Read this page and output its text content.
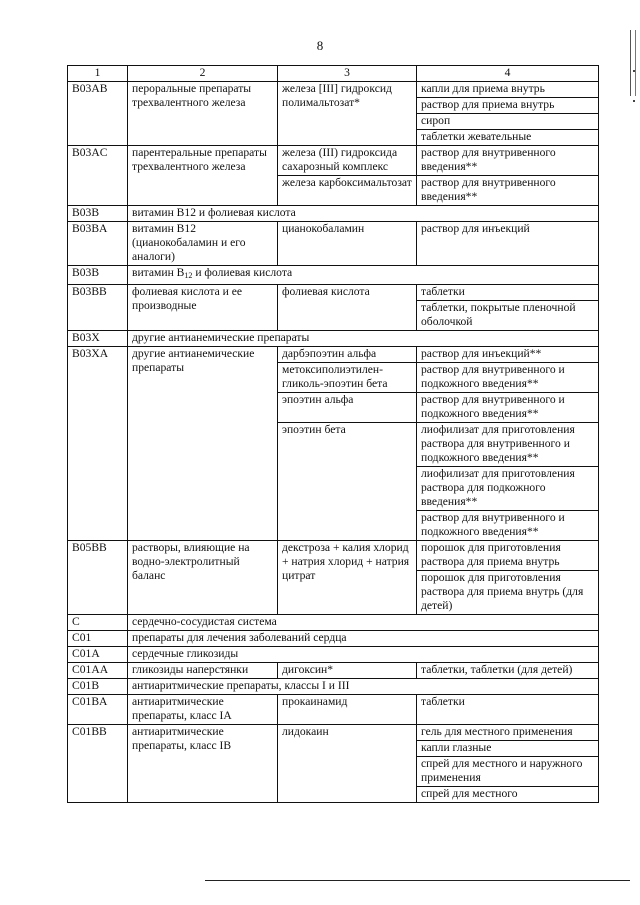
8
1	2	3	4
B03AB	пероральные препараты трехвалентного железа	железа [III] гидроксид полимальтозат*	капли для приема внутрь
			раствор для приема внутрь
			сироп
			таблетки жевательные
B03AC	парентеральные препараты трехвалентного железа	железа (III) гидроксида сахарозный комплекс	раствор для внутривенного введения**
		железа карбоксимальтозат	раствор для внутривенного введения**
B03B	витамин B12 и фолиевая кислота		
B03BA	витамин B12 (цианокобаламин и его аналоги)	цианокобаламин	раствор для инъекций
B03B	витамин $B_{12}$ и фолиевая кислота		
B03BB	фолиевая кислота и ее производные	фолиевая кислота	таблетки
			таблетки, покрытые пленочной оболочкой
B03X	другие антианемические препараты		
B03XA	другие антианемические препараты	дарбэпоэтин альфа	раствор для инъекций**
		метоксиполиэтилен-гликоль-эпоэтин бета	раствор для внутривенного и подкожного введения**
		эпоэтин альфа	раствор для внутривенного и подкожного введения**
		эпоэтин бета	лиофилизат для приготовления раствора для внутривенного и подкожного введения**
			лиофилизат для приготовления раствора для подкожного введения**
			раствор для внутривенного и подкожного введения**
B05BB	растворы, влияющие на водно-электролитный баланс	декстроза + калия хлорид + натрия хлорид + натрия цитрат	порошок для приготовления раствора для приема внутрь
			порошок для приготовления раствора для приема внутрь (для детей)
C	сердечно-сосудистая система		
C01	препараты для лечения заболеваний сердца		
C01A	сердечные гликозиды		
C01AA	гликозиды наперстянки	дигоксин*	таблетки, таблетки (для детей)
C01B	антиаритмические препараты, классы I и III		
C01BA	антиаритмические препараты, класс IA	прокаинамид	таблетки
C01BB	антиаритмические препараты, класс IB	лидокаин	гель для местного применения
			капли глазные
			спрей для местного и наружного применения
			спрей для местного
